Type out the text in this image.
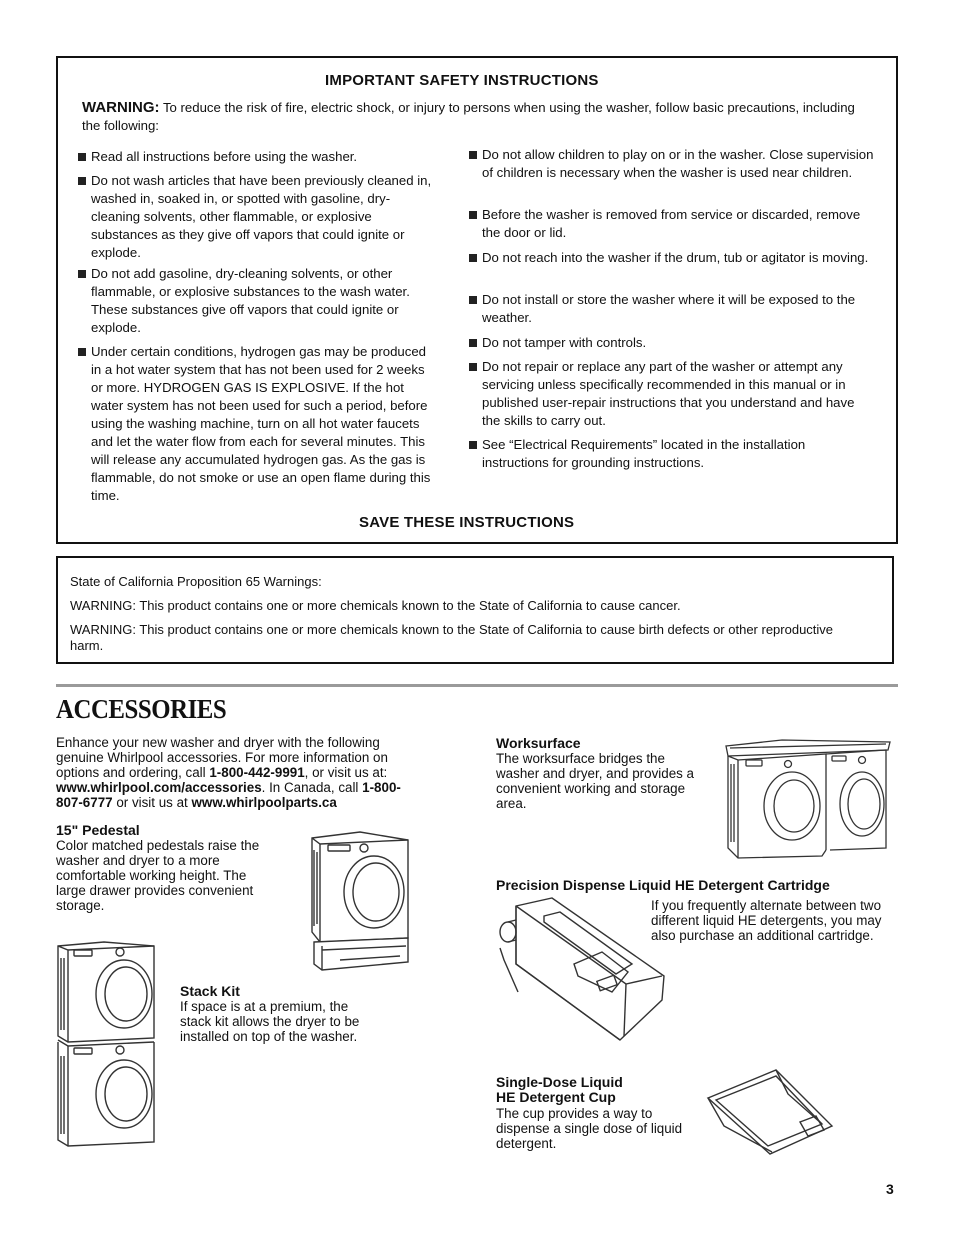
IMPORTANT SAFETY INSTRUCTIONS
WARNING: To reduce the risk of fire, electric shock, or injury to persons when using the washer, follow basic precautions, including the following:
Read all instructions before using the washer.
Do not wash articles that have been previously cleaned in, washed in, soaked in, or spotted with gasoline, dry-cleaning solvents, other flammable, or explosive substances as they give off vapors that could ignite or explode.
Do not add gasoline, dry-cleaning solvents, or other flammable, or explosive substances to the wash water. These substances give off vapors that could ignite or explode.
Under certain conditions, hydrogen gas may be produced in a hot water system that has not been used for 2 weeks or more. HYDROGEN GAS IS EXPLOSIVE. If the hot water system has not been used for such a period, before using the washing machine, turn on all hot water faucets and let the water flow from each for several minutes. This will release any accumulated hydrogen gas. As the gas is flammable, do not smoke or use an open flame during this time.
Do not allow children to play on or in the washer. Close supervision of children is necessary when the washer is used near children.
Before the washer is removed from service or discarded, remove the door or lid.
Do not reach into the washer if the drum, tub or agitator is moving.
Do not install or store the washer where it will be exposed to the weather.
Do not tamper with controls.
Do not repair or replace any part of the washer or attempt any servicing unless specifically recommended in this manual or in published user-repair instructions that you understand and have the skills to carry out.
See “Electrical Requirements” located in the installation instructions for grounding instructions.
SAVE THESE INSTRUCTIONS
State of California Proposition 65 Warnings:
WARNING: This product contains one or more chemicals known to the State of California to cause cancer.
WARNING: This product contains one or more chemicals known to the State of California to cause birth defects or other reproductive harm.
ACCESSORIES
Enhance your new washer and dryer with the following genuine Whirlpool accessories. For more information on options and ordering, call 1-800-442-9991, or visit us at: www.whirlpool.com/accessories. In Canada, call 1-800-807-6777 or visit us at www.whirlpoolparts.ca
15" Pedestal
Color matched pedestals raise the washer and dryer to a more comfortable working height. The large drawer provides convenient storage.
Stack Kit
If space is at a premium, the stack kit allows the dryer to be installed on top of the washer.
Worksurface
The worksurface bridges the washer and dryer, and provides a convenient working and storage area.
Precision Dispense Liquid HE Detergent Cartridge
If you frequently alternate between two different liquid HE detergents, you may also purchase an additional cartridge.
Single-Dose Liquid
HE Detergent Cup
The cup provides a way to dispense a single dose of liquid detergent.
3
